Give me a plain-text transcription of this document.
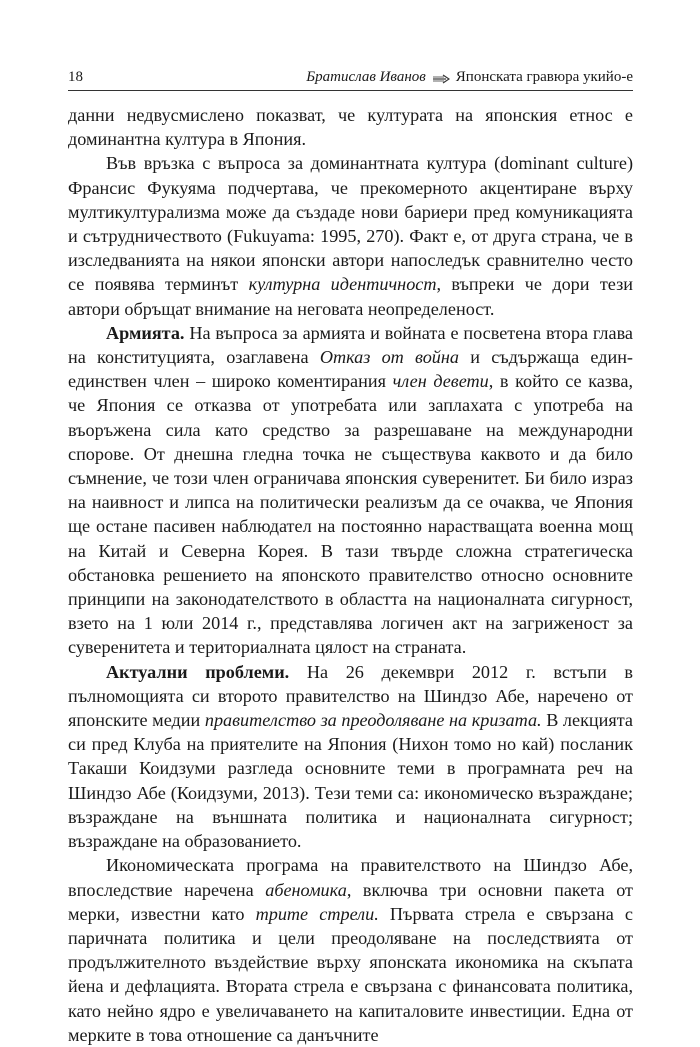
18	Братислав Иванов Японската гравюра укийо-е

данни недвусмислено показват, че културата на японския етнос е доминантна култура в Япония.

Във връзка с въпроса за доминантната култура (dominant culture) Франсис Фукуяма подчертава, че прекомерното акцентиране върху мултикултурализма може да създаде нови бариери пред комуникацията и сътрудничеството (Fukuyama: 1995, 270). Факт е, от друга страна, че в изследванията на някои японски автори напоследък сравнително често се появява терминът културна идентичност, въпреки че дори тези автори обръщат внимание на неговата неопределеност.

Армията. На въпроса за армията и войната е посветена втора глава на конституцията, озаглавена Отказ от война и съдържаща един-единствен член – широко коментирания член девети, в който се казва, че Япония се отказва от употребата или заплахата с употреба на въоръжена сила като средство за разрешаване на международни спорове. От днешна гледна точка не съществува каквото и да било съмнение, че този член ограничава японския суверенитет. Би било израз на наивност и липса на политически реализъм да се очаква, че Япония ще остане пасивен наблюдател на постоянно нарастващата военна мощ на Китай и Северна Корея. В тази твърде сложна стратегическа обстановка решението на японското правителство относно основните принципи на законодателството в областта на националната сигурност, взето на 1 юли 2014 г., представлява логичен акт на загриженост за суверенитета и териториалната цялост на страната.

Актуални проблеми. На 26 декември 2012 г. встъпи в пълномощията си второто правителство на Шиндзо Абе, наречено от японските медии правителство за преодоляване на кризата. В лекцията си пред Клуба на приятелите на Япония (Нихон томо но кай) посланик Такаши Коидзуми разгледа основните теми в програмната реч на Шиндзо Абе (Коидзуми, 2013). Тези теми са: икономическо възраждане; възраждане на външната политика и националната сигурност; възраждане на образованието.

Икономическата програма на правителството на Шиндзо Абе, впоследствие наречена абеномика, включва три основни пакета от мерки, известни като трите стрели. Първата стрела е свързана с паричната политика и цели преодоляване на последствията от продължителното въздействие върху японската икономика на скъпата йена и дефлацията. Втората стрела е свързана с финансовата политика, като нейно ядро е увеличаването на капиталовите инвестиции. Една от мерките в това отношение са данъчните
